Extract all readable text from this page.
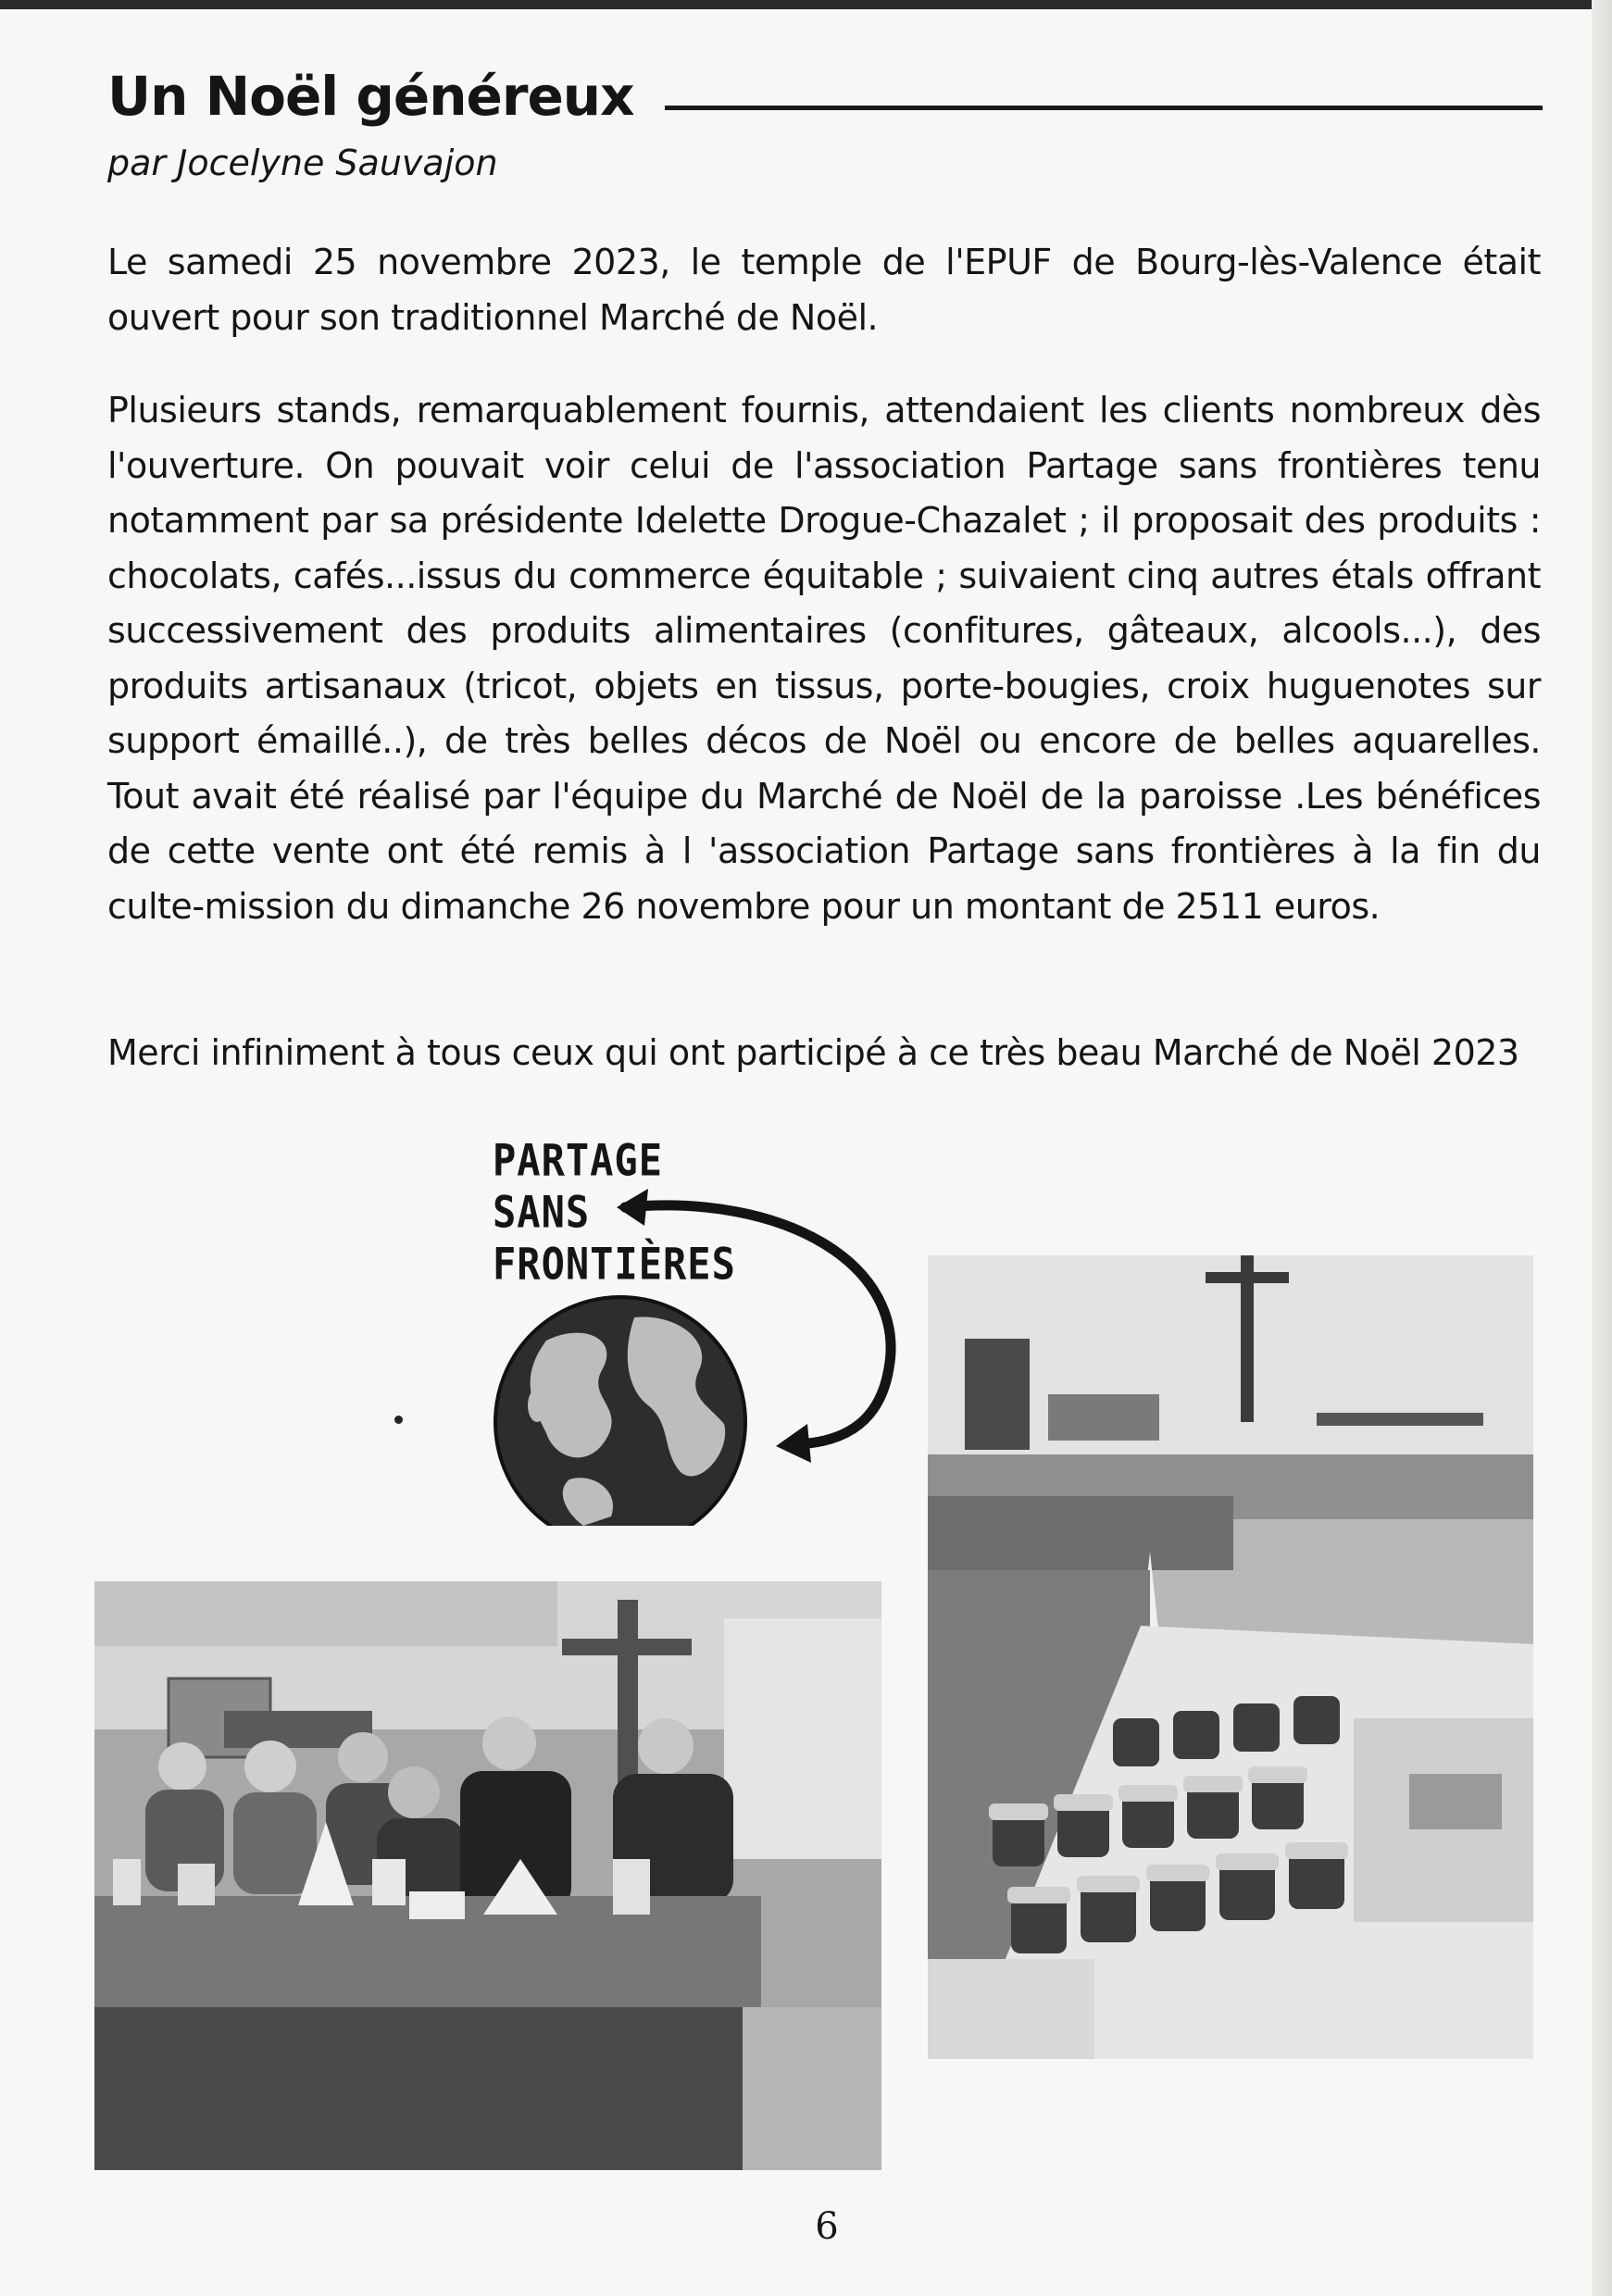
Un Noël généreux

par Jocelyne Sauvajon

Le samedi 25 novembre 2023, le temple de l'EPUF de Bourg-lès-Valence était ouvert pour son traditionnel Marché de Noël.

Plusieurs stands, remarquablement fournis, attendaient les clients nombreux dès l'ouverture. On pouvait voir celui de l'association Partage sans frontières tenu notamment par sa présidente Idelette Drogue-Chazalet ; il proposait des produits : chocolats, cafés...issus du commerce équitable ; suivaient cinq autres étals offrant successivement des produits alimentaires (confitures, gâteaux, alcools...), des produits artisanaux (tricot, objets en tissus, porte-bougies, croix huguenotes sur support émaillé..), de très belles décos de Noël ou encore de belles aquarelles. Tout avait été réalisé par l'équipe du Marché de Noël de la paroisse .Les bénéfices de cette vente ont été remis à l 'association Partage sans frontières à la fin du culte-mission du dimanche 26 novembre pour un montant de 2511 euros.

Merci infiniment à tous ceux qui ont participé à ce très beau Marché de Noël 2023

PARTAGE

SANS

FRONTIÈRES

6
